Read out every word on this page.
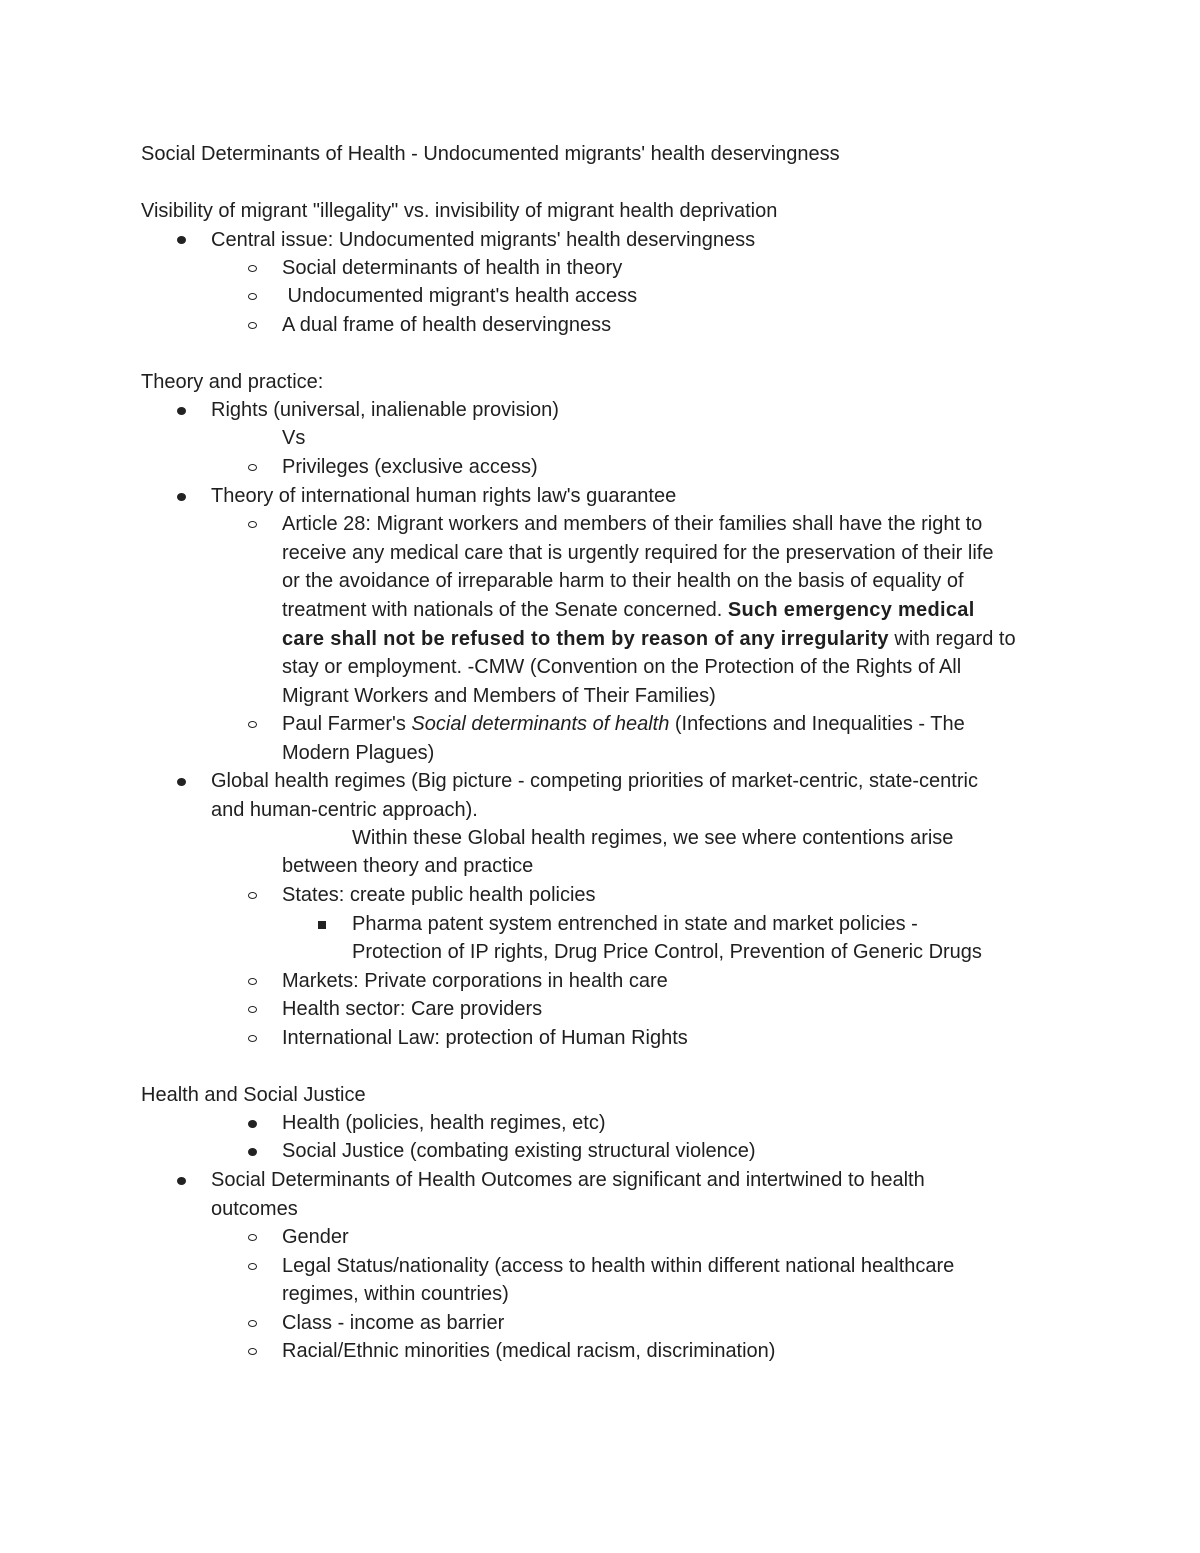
Social Determinants of Health - Undocumented migrants' health deservingness
Visibility of migrant "illegality" vs. invisibility of migrant health deprivation
Central issue: Undocumented migrants' health deservingness
Social determinants of health in theory
Undocumented migrant's health access
A dual frame of health deservingness
Theory and practice:
Rights (universal, inalienable provision)
Vs
Privileges (exclusive access)
Theory of international human rights law's guarantee
Article 28: Migrant workers and members of their families shall have the right to
receive any medical care that is urgently required for the preservation of their life
or the avoidance of irreparable harm to their health on the basis of equality of
treatment with nationals of the Senate concerned. Such emergency medical
care shall not be refused to them by reason of any irregularity with regard to
stay or employment. -CMW (Convention on the Protection of the Rights of All
Migrant Workers and Members of Their Families)
Paul Farmer's Social determinants of health (Infections and Inequalities - The
Modern Plagues)
Global health regimes (Big picture - competing priorities of market-centric, state-centric
and human-centric approach).
Within these Global health regimes, we see where contentions arise
between theory and practice
States: create public health policies
Pharma patent system entrenched in state and market policies -
Protection of IP rights, Drug Price Control, Prevention of Generic Drugs
Markets: Private corporations in health care
Health sector: Care providers
International Law: protection of Human Rights
Health and Social Justice
Health (policies, health regimes, etc)
Social Justice (combating existing structural violence)
Social Determinants of Health Outcomes are significant and intertwined to health
outcomes
Gender
Legal Status/nationality (access to health within different national healthcare
regimes, within countries)
Class - income as barrier
Racial/Ethnic minorities (medical racism, discrimination)
